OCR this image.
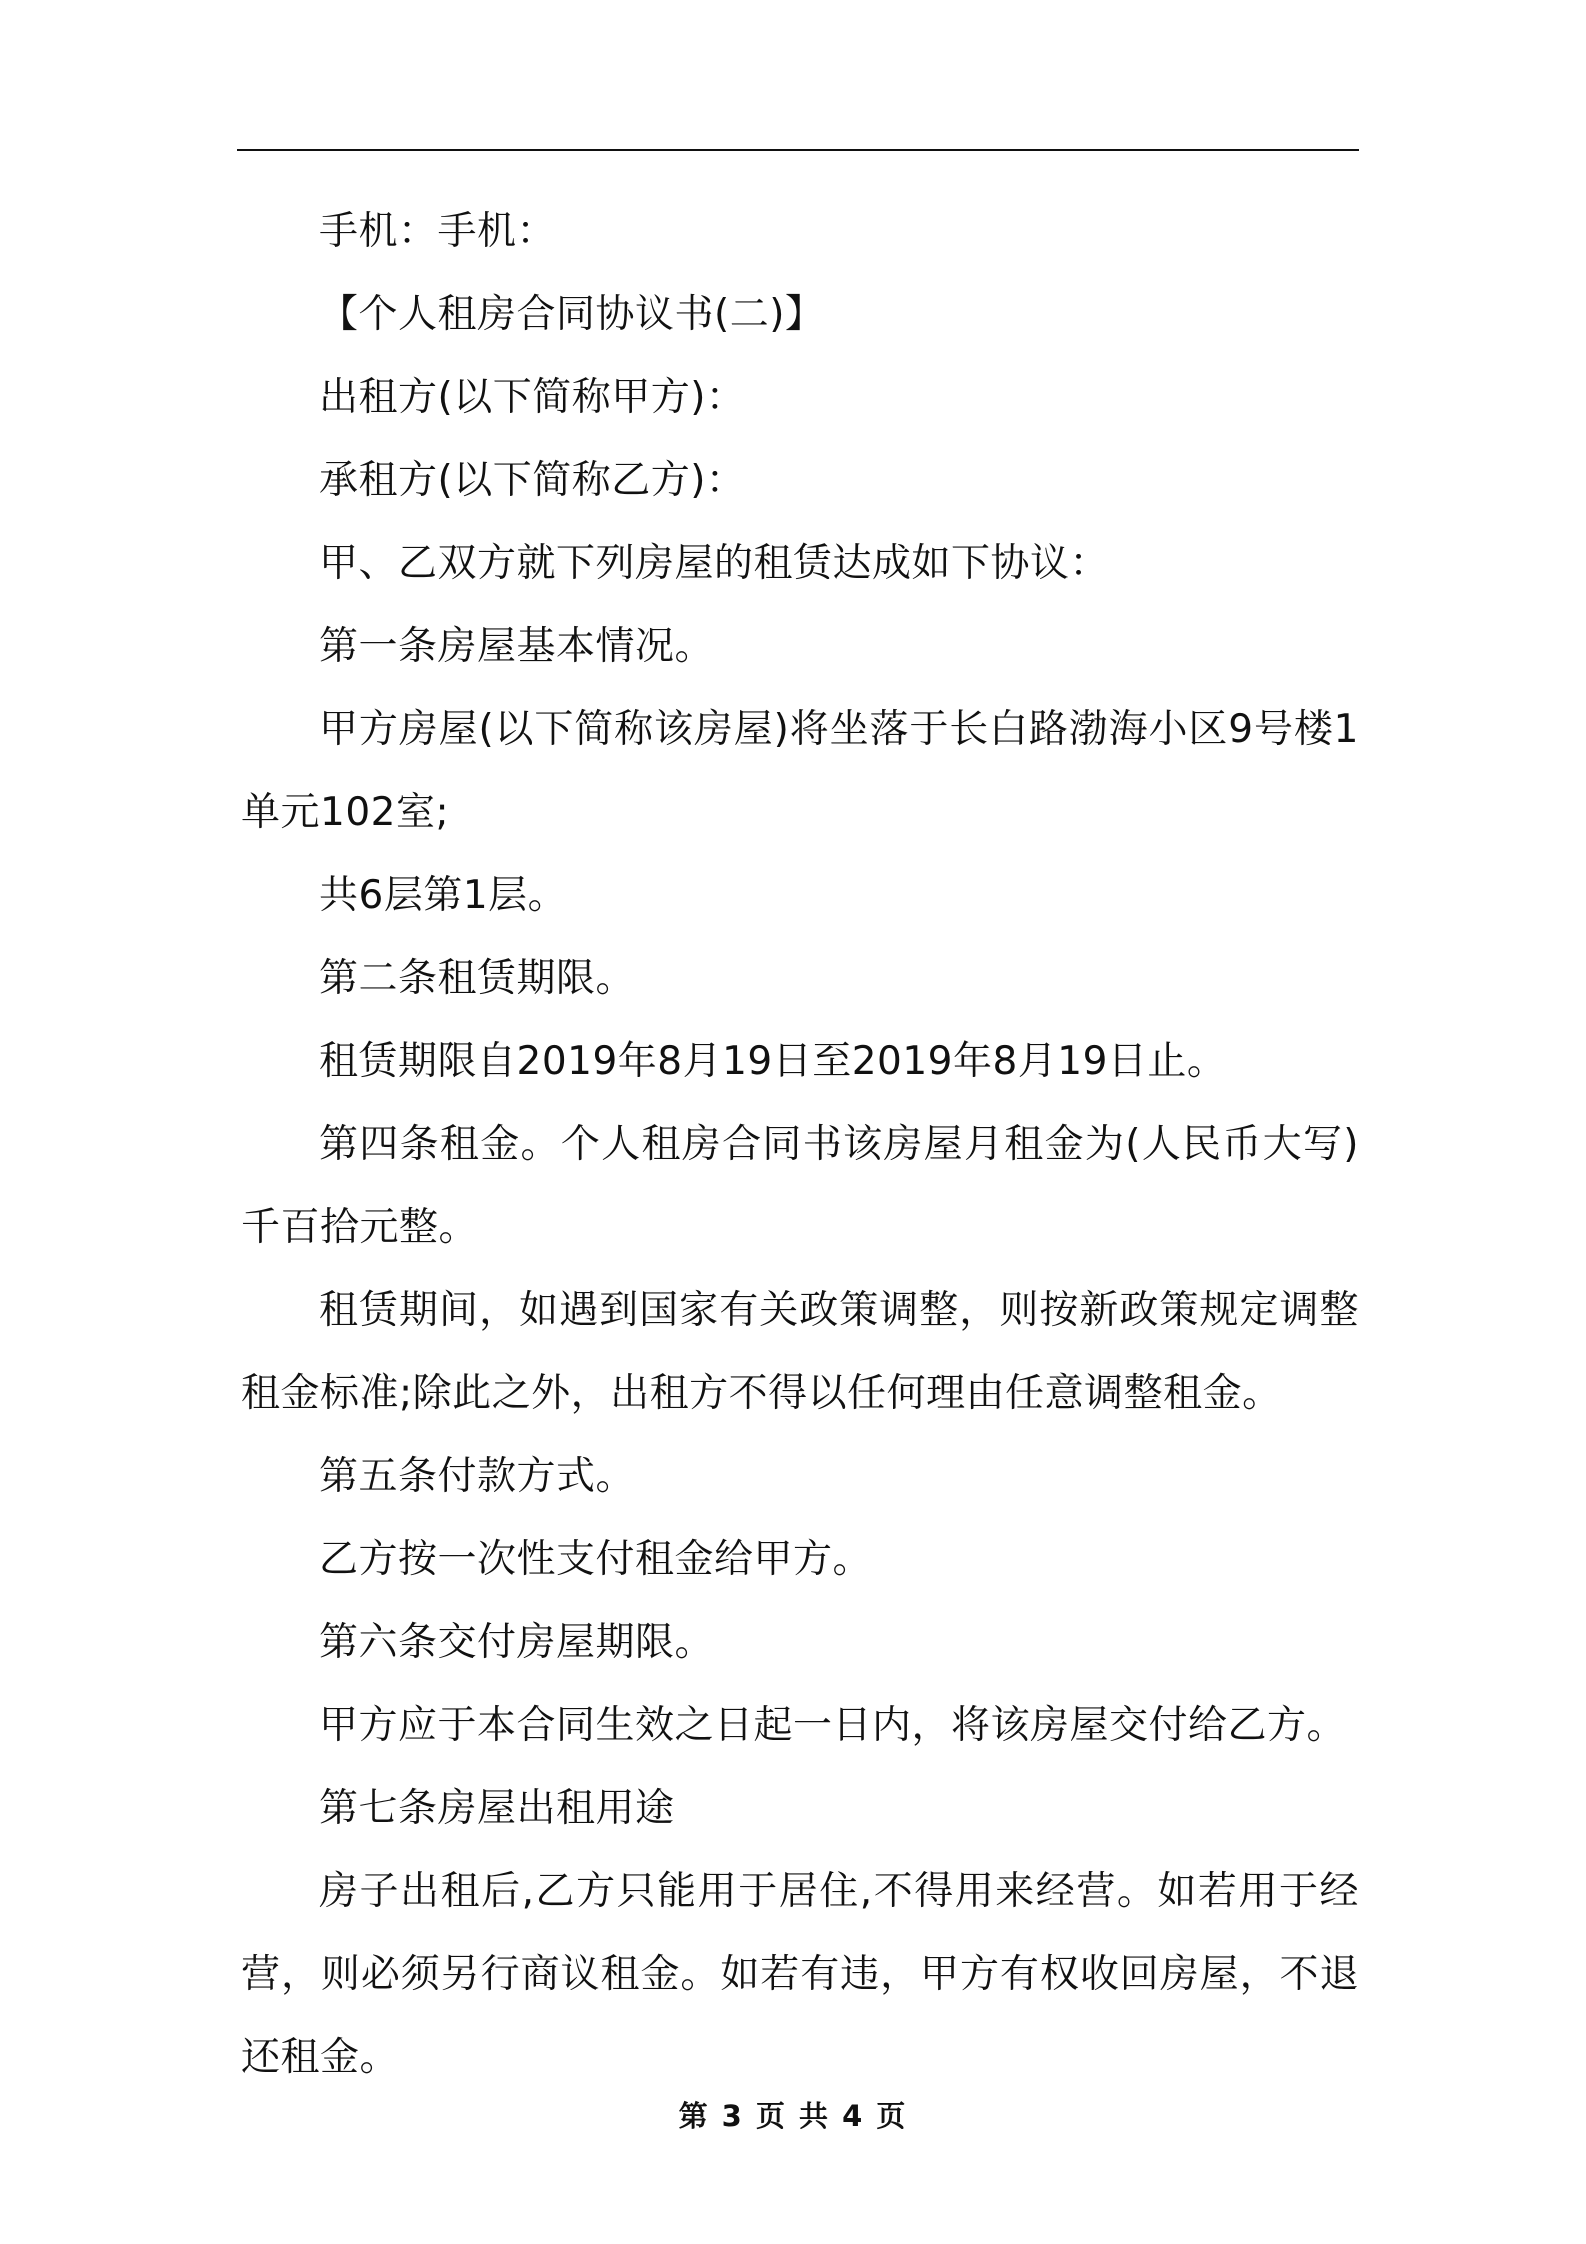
手机：手机：

【个人租房合同协议书(二)】

出租方(以下简称甲方)：

承租方(以下简称乙方)：

甲、乙双方就下列房屋的租赁达成如下协议：

第一条房屋基本情况。

甲方房屋(以下简称该房屋)将坐落于长白路渤海小区9号楼1单元102室;

共6层第1层。

第二条租赁期限。

租赁期限自2019年8月19日至2019年8月19日止。

第四条租金。个人租房合同书该房屋月租金为(人民币大写)千百拾元整。

租赁期间，如遇到国家有关政策调整，则按新政策规定调整租金标准;除此之外，出租方不得以任何理由任意调整租金。

第五条付款方式。

乙方按一次性支付租金给甲方。

第六条交付房屋期限。

甲方应于本合同生效之日起一日内，将该房屋交付给乙方。

第七条房屋出租用途

房子出租后,乙方只能用于居住,不得用来经营。如若用于经营，则必须另行商议租金。如若有违，甲方有权收回房屋，不退还租金。

第 3 页 共 4 页
